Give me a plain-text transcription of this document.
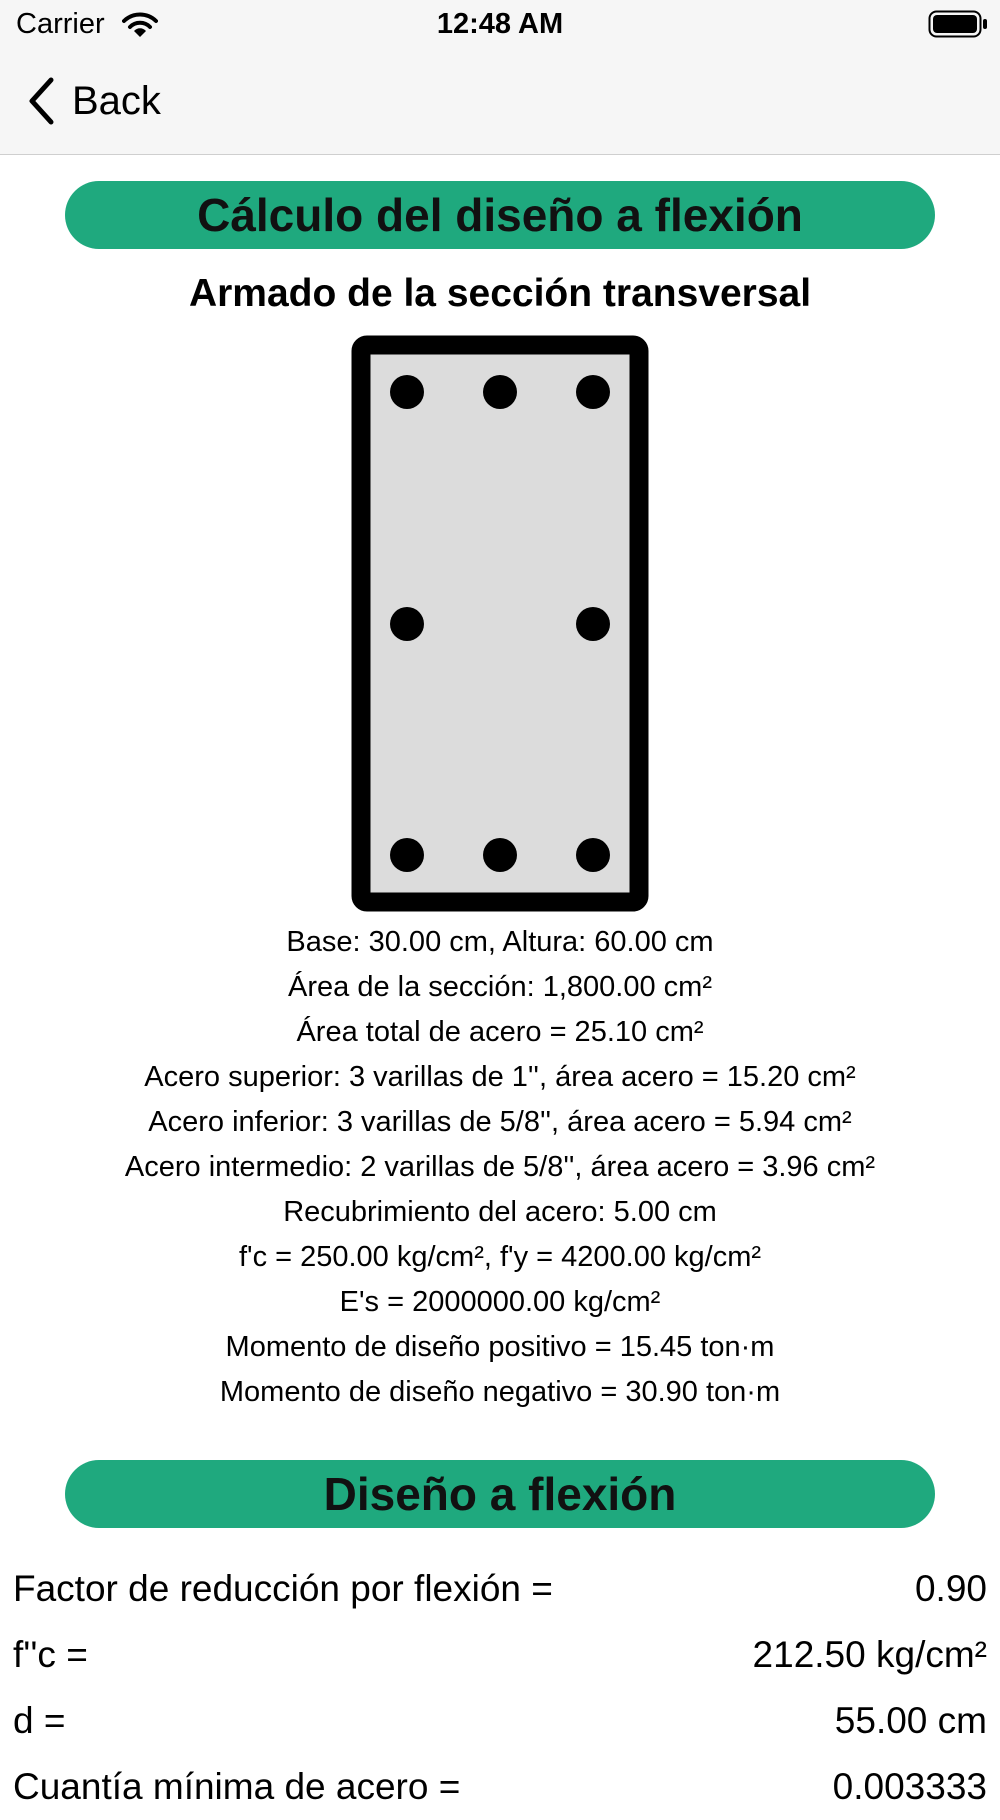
Carrier	12:48 AM
Back
Cálculo del diseño a flexión
Armado de la sección transversal
Base: 30.00 cm, Altura: 60.00 cm
Área de la sección: 1,800.00 cm²
Área total de acero = 25.10 cm²
Acero superior: 3 varillas de 1'', área acero = 15.20 cm²
Acero inferior: 3 varillas de 5/8'', área acero = 5.94 cm²
Acero intermedio: 2 varillas de 5/8'', área acero = 3.96 cm²
Recubrimiento del acero: 5.00 cm
f'c = 250.00 kg/cm², f'y = 4200.00 kg/cm²
E's = 2000000.00 kg/cm²
Momento de diseño positivo = 15.45 ton·m
Momento de diseño negativo = 30.90 ton·m
Diseño a flexión
Factor de reducción por flexión =	0.90
f''c =	212.50 kg/cm²
d =	55.00 cm
Cuantía mínima de acero =	0.003333
